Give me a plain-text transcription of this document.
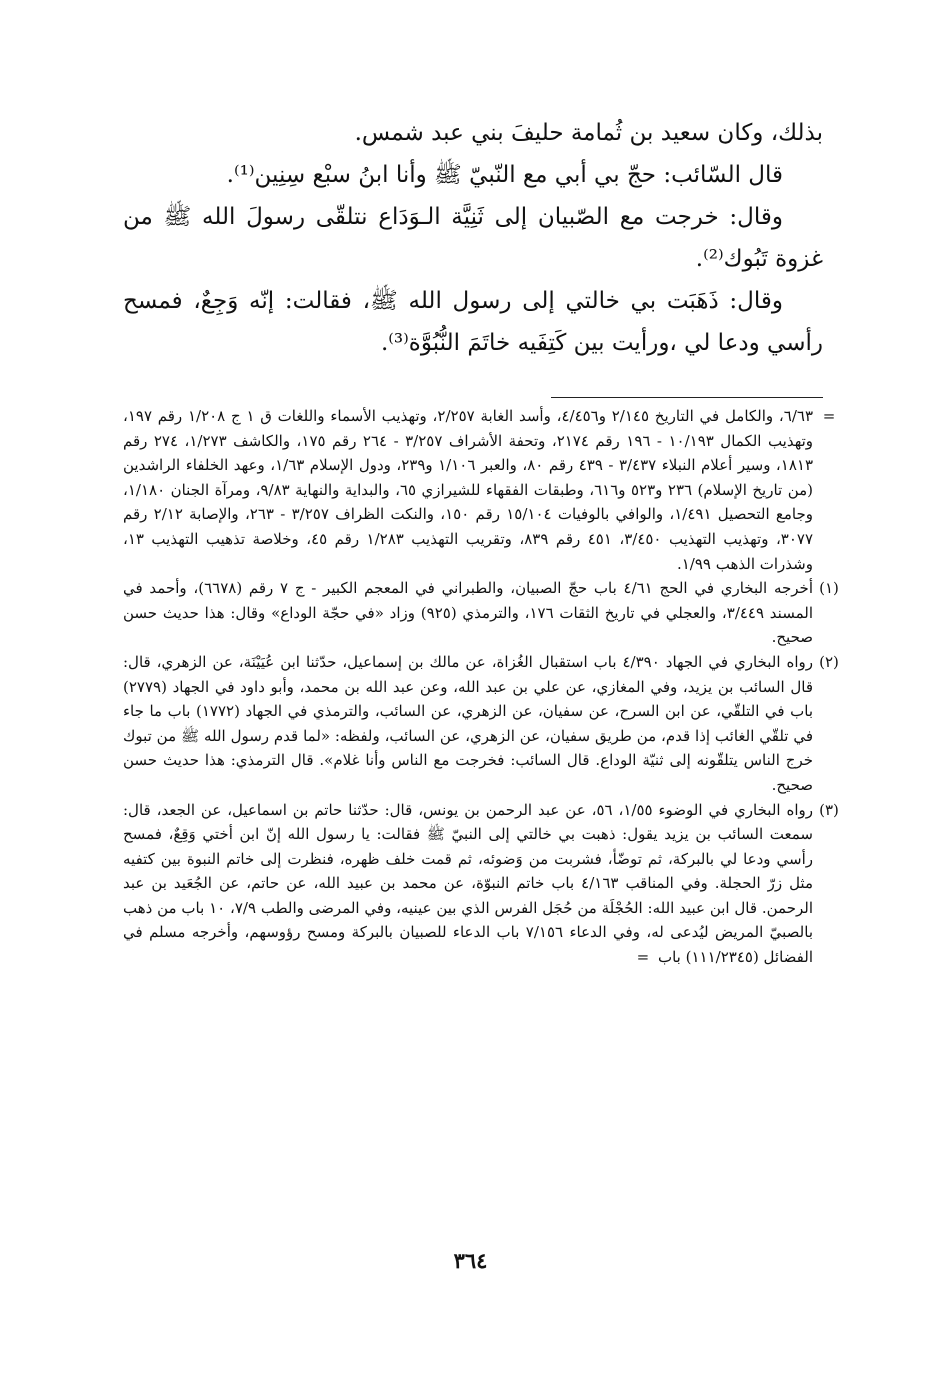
بذلك، وكان سعيد بن ثُمامة حليفَ بني عبد شمس.

قال السّائب: حجّ بي أبي مع النّبيّ ﷺ وأنا ابنُ سبْع سِنِين⁽¹⁾.

وقال: خرجت مع الصّبيان إلى ثَنِيَّة الـوَدَاع نتلقّى رسولَ الله ﷺ من غزوة تَبُوك⁽²⁾.

وقال: ذَهَبَت بي خالتي إلى رسول الله ﷺ، فقالت: إنّه وَجِعٌ، فمسح رأسي ودعا لي ،ورأيت بين كَتِفَيه خاتَمَ النُّبُوَّة⁽³⁾.

=
٦/٦٣، والكامل في التاريخ ٢/١٤٥ و٤/٤٥٦، وأسد الغابة ٢/٢٥٧، وتهذيب الأسماء واللغات ق ١ ج ١/٢٠٨ رقم ١٩٧، وتهذيب الكمال ١٠/١٩٣ - ١٩٦ رقم ٢١٧٤، وتحفة الأشراف ٣/٢٥٧ - ٢٦٤ رقم ١٧٥، والكاشف ١/٢٧٣، ٢٧٤ رقم ١٨١٣، وسير أعلام النبلاء ٣/٤٣٧ - ٤٣٩ رقم ٨٠، والعبر ١/١٠٦ و٢٣٩، ودول الإسلام ١/٦٣، وعهد الخلفاء الراشدين (من تاريخ الإسلام) ٢٣٦ و٥٢٣ و٦١٦، وطبقات الفقهاء للشيرازي ٦٥، والبداية والنهاية ٩/٨٣، ومرآة الجنان ١/١٨٠، وجامع التحصيل ١/٤٩١، والوافي بالوفيات ١٥/١٠٤ رقم ١٥٠، والنكت الظراف ٣/٢٥٧ - ٢٦٣، والإصابة ٢/١٢ رقم ٣٠٧٧، وتهذيب التهذيب ٣/٤٥٠، ٤٥١ رقم ٨٣٩، وتقريب التهذيب ١/٢٨٣ رقم ٤٥، وخلاصة تذهيب التهذيب ١٣، وشذرات الذهب ١/٩٩.
(١)
أخرجه البخاري في الحج ٤/٦١ باب حجّ الصبيان، والطبراني في المعجم الكبير - ج ٧ رقم (٦٦٧٨)، وأحمد في المسند ٣/٤٤٩، والعجلي في تاريخ الثقات ١٧٦، والترمذي (٩٢٥) وزاد «في حجّة الوداع» وقال: هذا حديث حسن صحيح.
(٢)
رواه البخاري في الجهاد ٤/٣٩٠ باب استقبال الغُزاة، عن مالك بن إسماعيل، حدّثنا ابن عُيَيْنَة، عن الزهري، قال: قال السائب بن يزيد، وفي المغازي، عن علي بن عبد الله، وعن عبد الله بن محمد، وأبو داود في الجهاد (٢٧٧٩) باب في التلقّي، عن ابن السرح، عن سفيان، عن الزهري، عن السائب، والترمذي في الجهاد (١٧٧٢) باب ما جاء في تلقّي الغائب إذا قدم، من طريق سفيان، عن الزهري، عن السائب، ولفظه: «لما قدم رسول الله ﷺ من تبوك خرج الناس يتلقّونه إلى ثنيّة الوداع. قال السائب: فخرجت مع الناس وأنا غلام». قال الترمذي: هذا حديث حسن صحيح.
(٣)
رواه البخاري في الوضوء ١/٥٥، ٥٦، عن عبد الرحمن بن يونس، قال: حدّثنا حاتم بن اسماعيل، عن الجعد، قال: سمعت السائب بن يزيد يقول: ذهبت بي خالتي إلى النبيّ ﷺ فقالت: يا رسول الله إنّ ابن أختي وَقِعٌ، فمسح رأسي ودعا لي بالبركة، ثم توضّأ، فشربت من وَضوئه، ثم قمت خلف ظهره، فنظرت إلى خاتم النبوة بين كتفيه مثل زرّ الحجلة. وفي المناقب ٤/١٦٣ باب خاتم النبوّة، عن محمد بن عبيد الله، عن حاتم، عن الجُعَيد بن عبد الرحمن. قال ابن عبيد الله: الحُجْلَة من حُجَل الفرس الذي بين عينيه، وفي المرضى والطب ٧/٩، ١٠ باب من ذهب بالصبيّ المريض ليُدعى له، وفي الدعاء ٧/١٥٦ باب الدعاء للصبيان بالبركة ومسح رؤوسهم، وأخرجه مسلم في الفضائل (١١١/٢٣٤٥) باب =
٣٦٤
